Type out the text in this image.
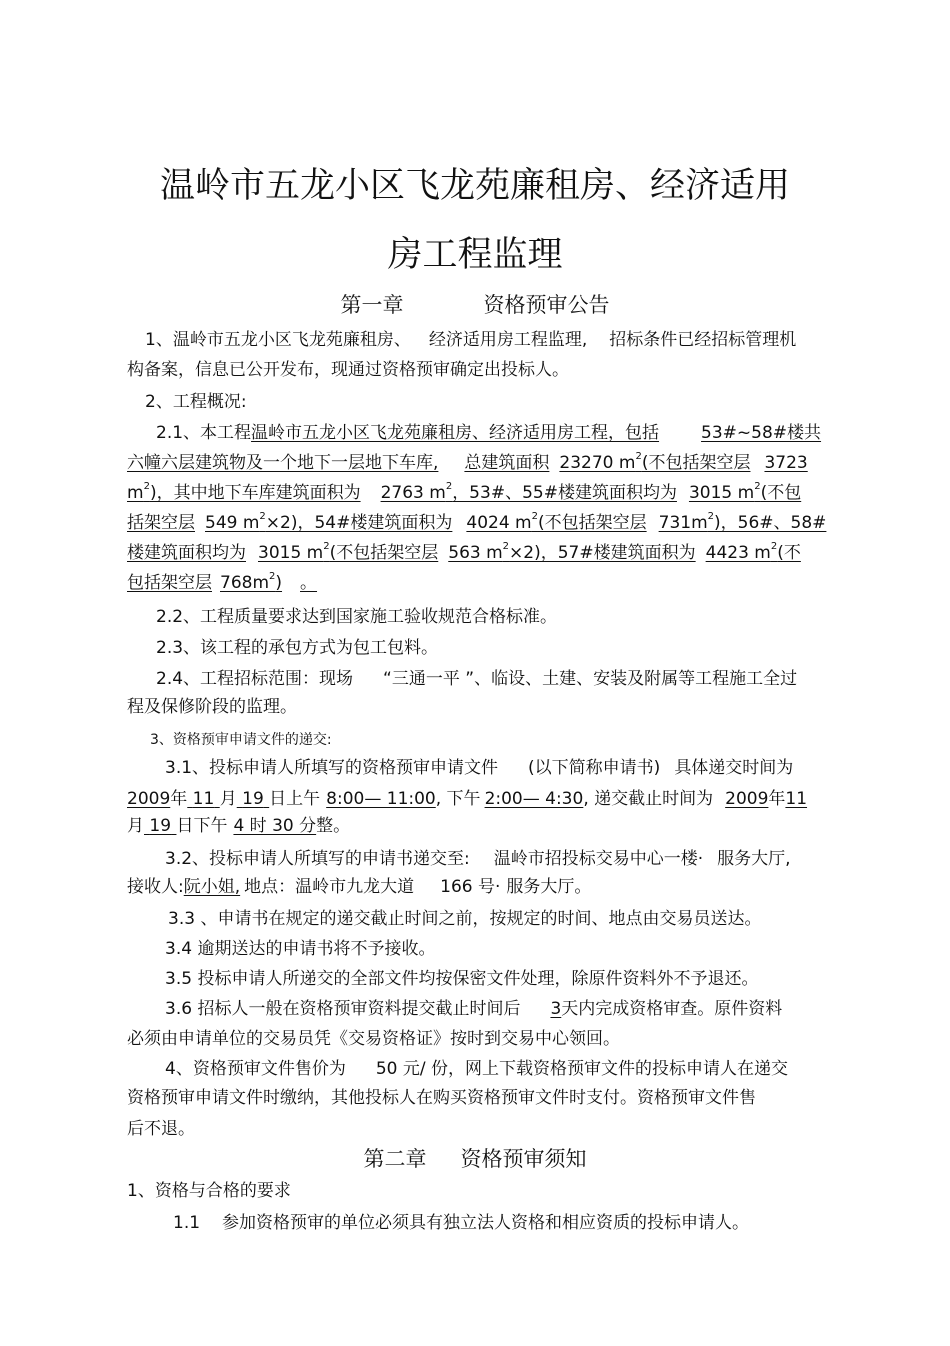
温岭市五龙小区飞龙苑廉租房、经济适用
房工程监理
第一章	资格预审公告
1、温岭市五龙小区飞龙苑廉租房、 经济适用房工程监理, 招标条件已经招标管理机
构备案，信息已公开发布，现通过资格预审确定出投标人。
2、工程概况:
2.1、本工程温岭市五龙小区飞龙苑廉租房、经济适用房工程，包括 53#~58#楼共
六幢六层建筑物及一个地下一层地下车库, 总建筑面积 23270 $m^2$(不包括架空层 3723
$m^2$)，其中地下车库建筑面积为 2763 $m^2$，53#、55#楼建筑面积均为 3015 $m^2$(不包
括架空层 549 $m^2\times 2$)，54#楼建筑面积为 4024 $m^2$(不包括架空层 $731m^2$)，56#、58#
楼建筑面积均为 3015 $m^2$(不包括架空层 563 $m^2\times 2$)，57#楼建筑面积为 4423 $m^2$(不
包括架空层 $768m^2$) 。
2.2、工程质量要求达到国家施工验收规范合格标准。
2.3、该工程的承包方式为包工包料。
2.4、工程招标范围：现场 “三通一平 ”、临设、土建、安装及附属等工程施工全过
程及保修阶段的监理。
3、资格预审申请文件的递交:
3.1、投标申请人所填写的资格预审申请文件 (以下简称申请书) 具体递交时间为
2009年 11 月 19 日上午 8:00— 11:00, 下午 2:00— 4:30, 递交截止时间为 2009年11
月 19 日下午 4 时 30 分整。
3.2、投标申请人所填写的申请书递交至: 温岭市招投标交易中心一楼· 服务大厅,
接收人:阮小姐, 地点：温岭市九龙大道 166 号· 服务大厅。
3.3 、申请书在规定的递交截止时间之前，按规定的时间、地点由交易员送达。
3.4 逾期送达的申请书将不予接收。
3.5 投标申请人所递交的全部文件均按保密文件处理，除原件资料外不予退还。
3.6 招标人一般在资格预审资料提交截止时间后 3天内完成资格审查。原件资料
必须由申请单位的交易员凭《交易资格证》按时到交易中心领回。
4、资格预审文件售价为 50 元/ 份，网上下载资格预审文件的投标申请人在递交
资格预审申请文件时缴纳，其他投标人在购买资格预审文件时支付。资格预审文件售
后不退。
第二章 资格预审须知
1、资格与合格的要求
1.1 参加资格预审的单位必须具有独立法人资格和相应资质的投标申请人。
